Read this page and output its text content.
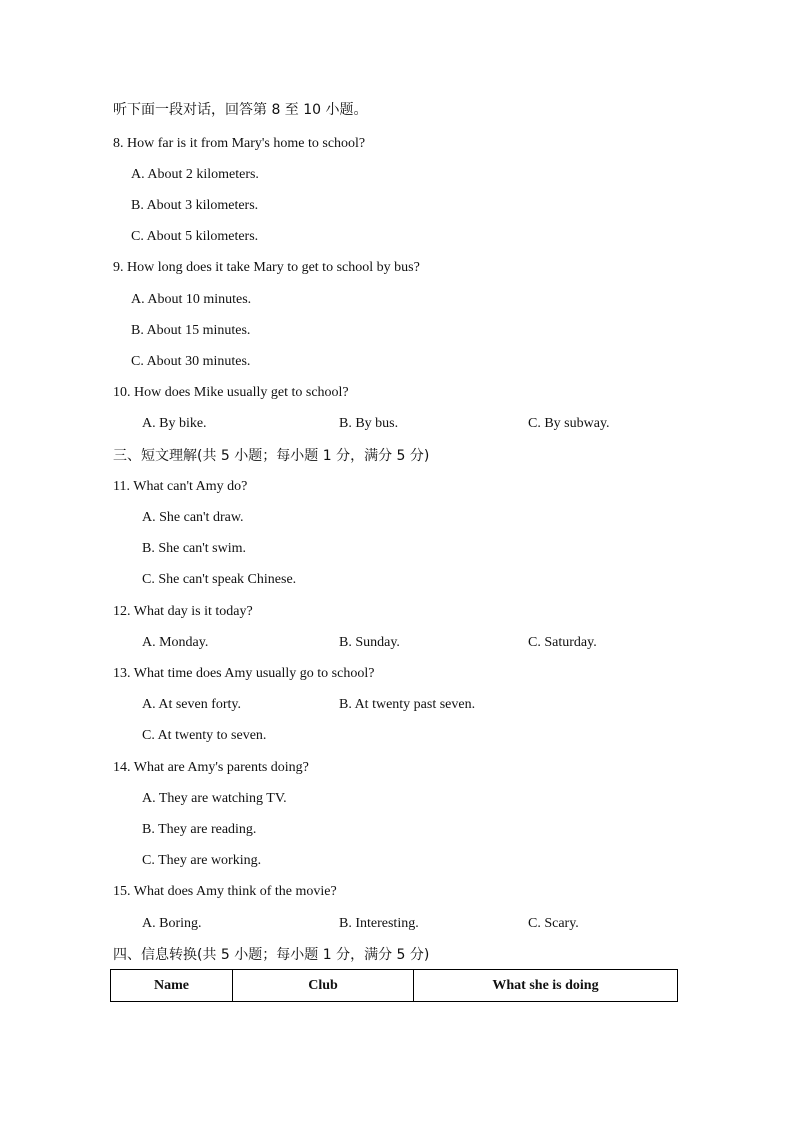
听下面一段对话，回答第 8 至 10 小题。
8. How far is it from Mary's home to school?
A. About 2 kilometers.
B. About 3 kilometers.
C. About 5 kilometers.
9. How long does it take Mary to get to school by bus?
A. About 10 minutes.
B. About 15 minutes.
C. About 30 minutes.
10. How does Mike usually get to school?
A. By bike.	B. By bus.	C. By subway.
三、短文理解(共 5 小题；每小题 1 分，满分 5 分)
11. What can't Amy do?
A. She can't draw.
B. She can't swim.
C. She can't speak Chinese.
12. What day is it today?
A. Monday.	B. Sunday.	C. Saturday.
13. What time does Amy usually go to school?
A. At seven forty.	B. At twenty past seven.
C. At twenty to seven.
14. What are Amy's parents doing?
A. They are watching TV.
B. They are reading.
C. They are working.
15. What does Amy think of the movie?
A. Boring.	B. Interesting.	C. Scary.
四、信息转换(共 5 小题；每小题 1 分，满分 5 分)
Name	Club	What she is doing
